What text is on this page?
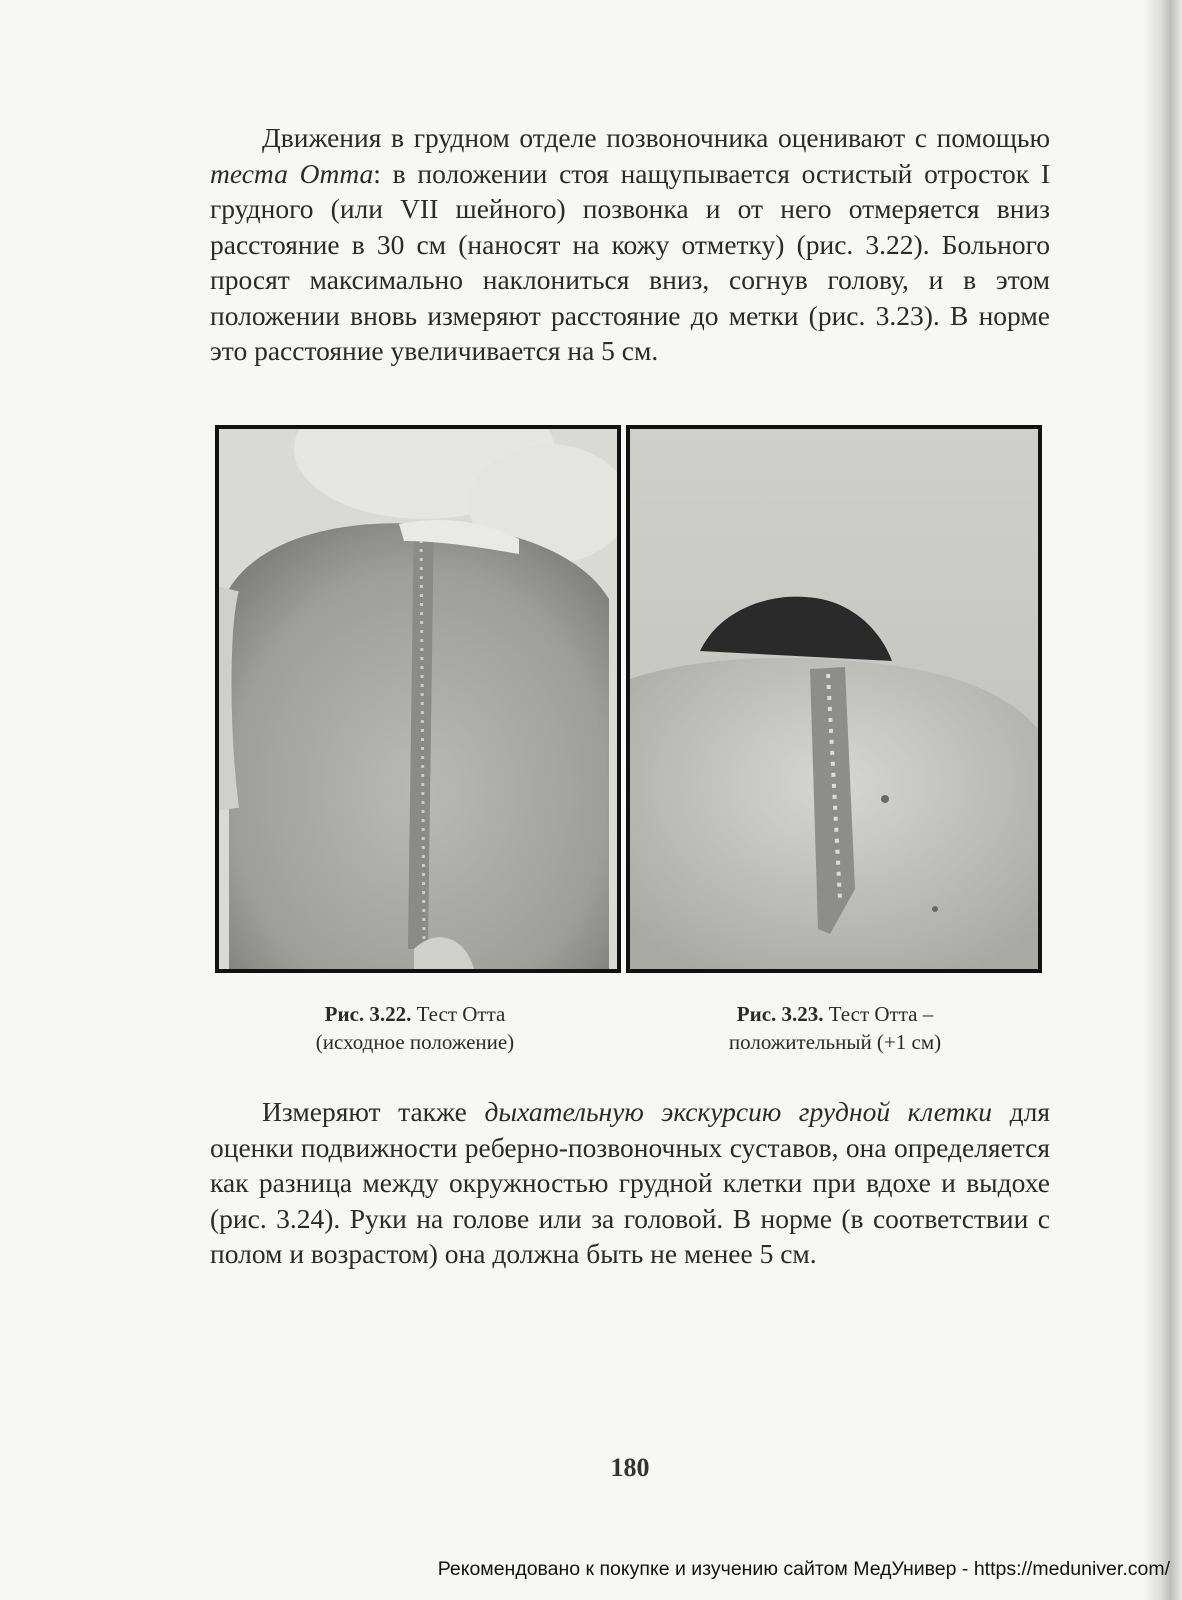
Движения в грудном отделе позвоночника оценивают с помощью теста Отта: в положении стоя нащупывается остистый отросток I грудного (или VII шейного) позвонка и от него отмеряется вниз расстояние в 30 см (наносят на кожу отметку) (рис. 3.22). Больного просят максимально наклониться вниз, согнув голову, и в этом положении вновь измеряют расстояние до метки (рис. 3.23). В норме это расстояние увеличивается на 5 см.

Рис. 3.22. Тест Отта
(исходное положение)
Рис. 3.23. Тест Отта –
положительный (+1 см)

Измеряют также дыхательную экскурсию грудной клетки для оценки подвижности реберно-позвоночных суставов, она определяется как разница между окружностью грудной клетки при вдохе и выдохе (рис. 3.24). Руки на голове или за головой. В норме (в соответствии с полом и возрастом) она должна быть не менее 5 см.

180
Рекомендовано к покупке и изучению сайтом МедУнивер - https://meduniver.com/
